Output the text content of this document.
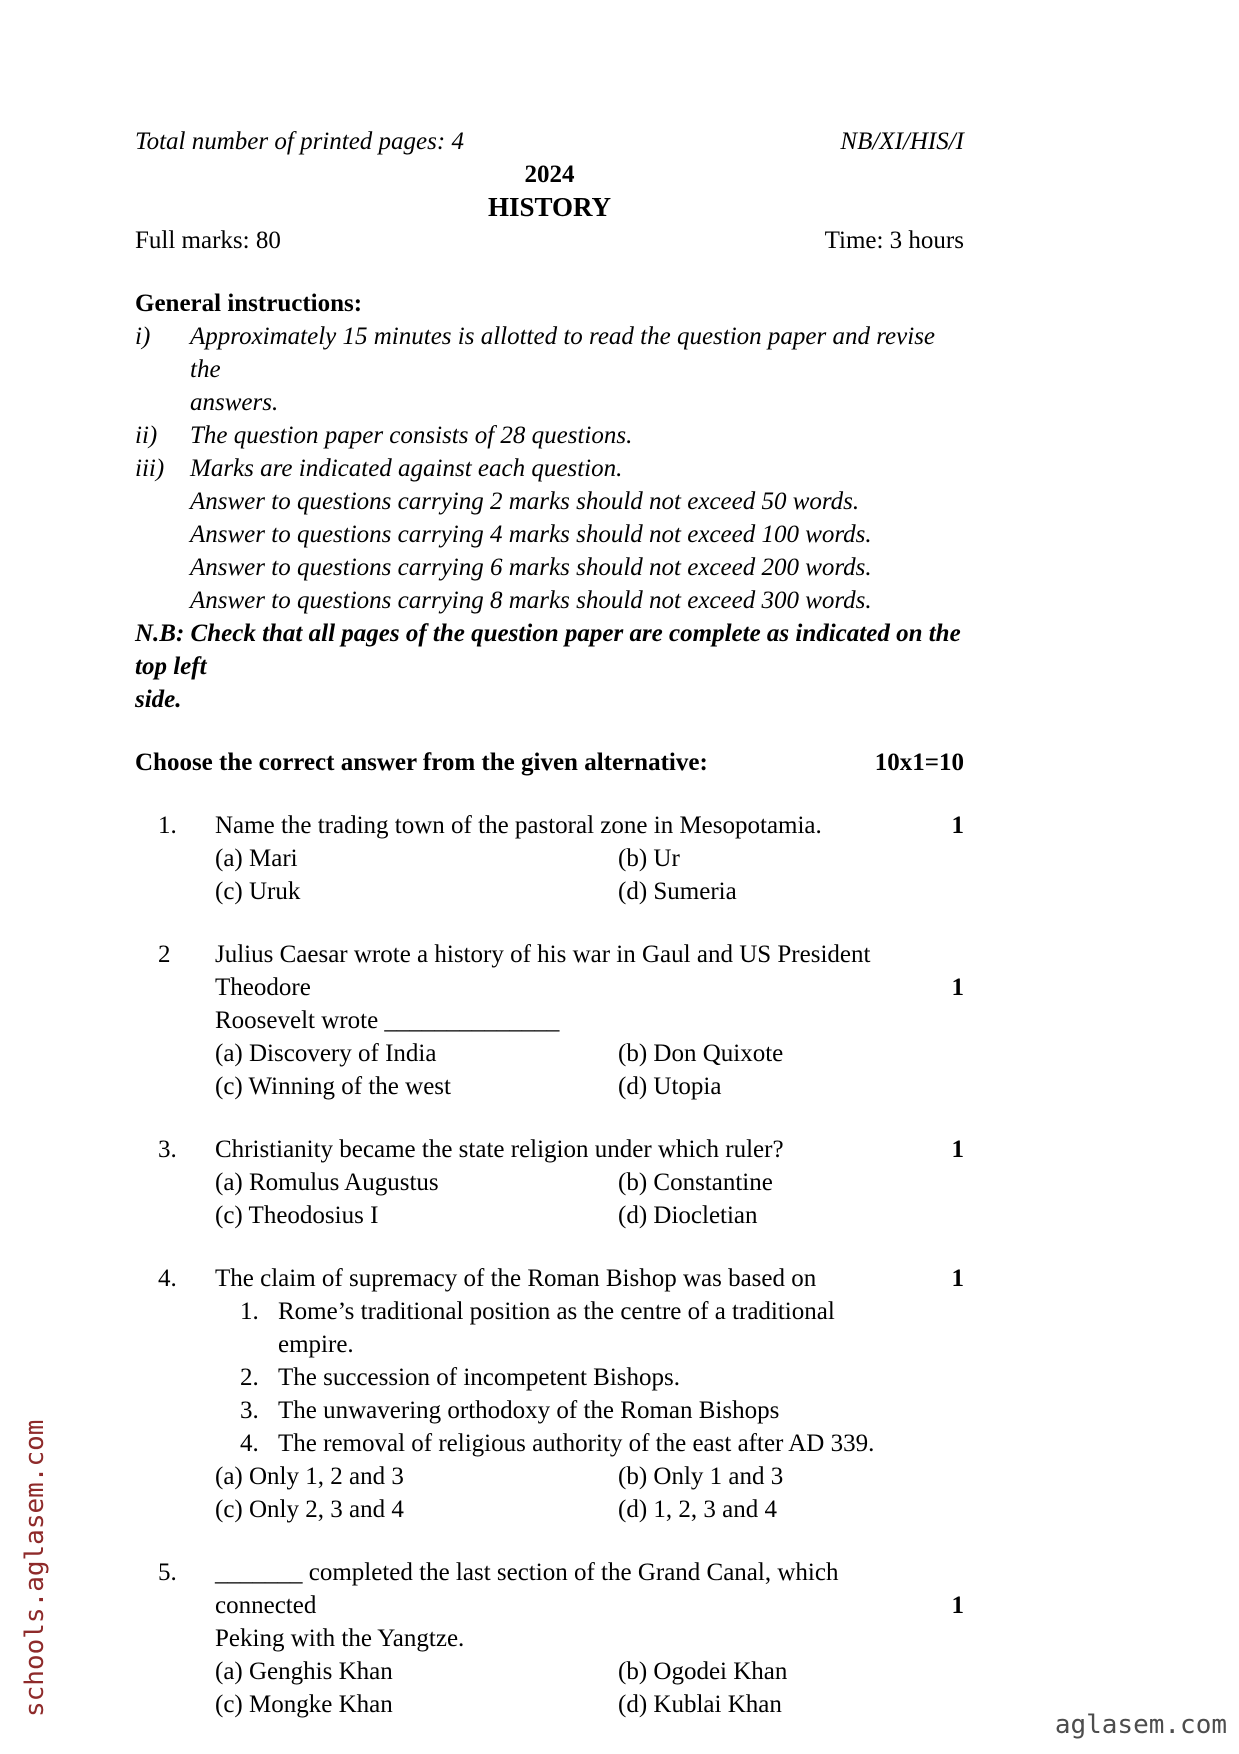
Total number of printed pages: 4	NB/XI/HIS/I
2024
HISTORY
Full marks: 80	Time: 3 hours
General instructions:
i)	Approximately 15 minutes is allotted to read the question paper and revise the
answers.
ii)	The question paper consists of 28 questions.
iii)	Marks are indicated against each question.
Answer to questions carrying 2 marks should not exceed 50 words.
Answer to questions carrying 4 marks should not exceed 100 words.
Answer to questions carrying 6 marks should not exceed 200 words.
Answer to questions carrying 8 marks should not exceed 300 words.
N.B: Check that all pages of the question paper are complete as indicated on the top left
side.
Choose the correct answer from the given alternative:	10x1=10
1.	Name the trading town of the pastoral zone in Mesopotamia.
(a) Mari	(b) Ur
(c) Uruk	(d) Sumeria
1
2	Julius Caesar wrote a history of his war in Gaul and US President Theodore
Roosevelt wrote ______________
(a) Discovery of India	(b) Don Quixote
(c) Winning of the west	(d) Utopia
1
3.	Christianity became the state religion under which ruler?
(a) Romulus Augustus	(b) Constantine
(c) Theodosius I	(d) Diocletian
1
4.	The claim of supremacy of the Roman Bishop was based on
1. Rome’s traditional position as the centre of a traditional empire.
2. The succession of incompetent Bishops.
3. The unwavering orthodoxy of the Roman Bishops
4. The removal of religious authority of the east after AD 339.
(a) Only 1, 2 and 3	(b) Only 1 and 3
(c) Only 2, 3 and 4	(d) 1, 2, 3 and 4
1
5.	_______ completed the last section of the Grand Canal, which connected
Peking with the Yangtze.
(a) Genghis Khan	(b) Ogodei Khan
(c) Mongke Khan	(d) Kublai Khan
1
schools.aglasem.com
aglasem.com
